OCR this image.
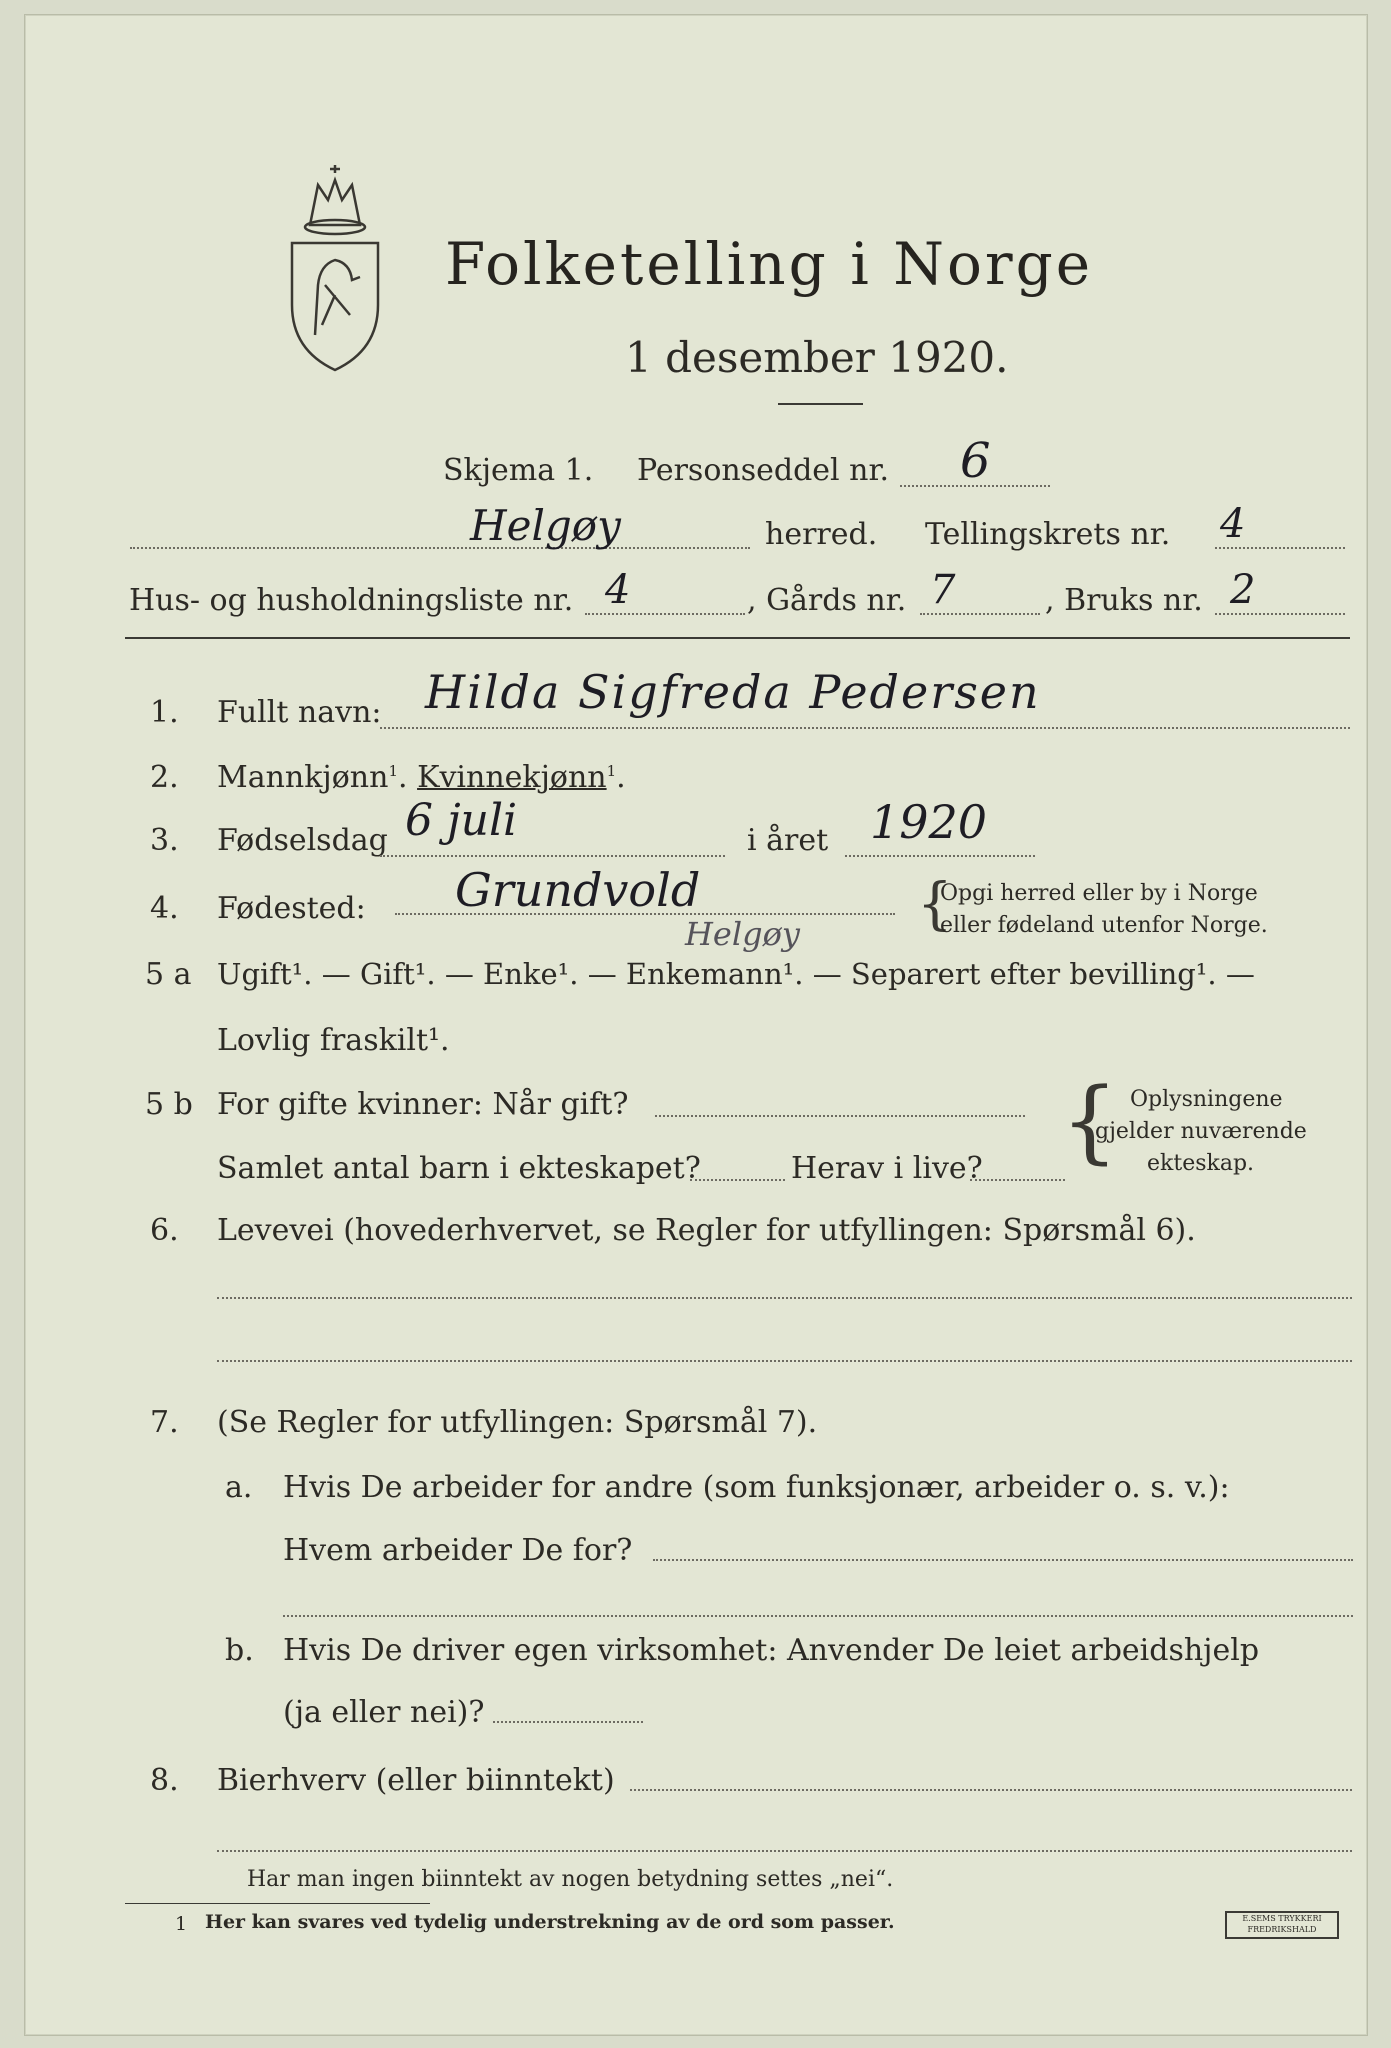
Folketelling i Norge
1 desember 1920.
Skjema 1. Personseddel nr. 6
Helgøy	herred. Tellingskrets nr. 4
Hus- og husholdningsliste nr. 4	, Gårds nr. 7	, Bruks nr. 2
1. Fullt navn: Hilda Sigfreda Pedersen
2. Mannkjønn$^1$. Kvinnekjønn$^1$.
3. Fødselsdag 6 juli	i året 1920
4. Fødested: Grundvold
Helgøy {
Opgi herred eller by i Norge
eller fødeland utenfor Norge.
5 a Ugift¹. — Gift¹. — Enke¹. — Enkemann¹. — Separert efter bevilling¹. —
Lovlig fraskilt¹.
5 b For gifte kvinner: Når gift?
Samlet antal barn i ekteskapet?	Herav i live? { Oplysningene
gjelder nuværende
ekteskap.
6. Levevei (hovederhvervet, se Regler for utfyllingen: Spørsmål 6).
7. (Se Regler for utfyllingen: Spørsmål 7).
a. Hvis De arbeider for andre (som funksjonær, arbeider o. s. v.):
Hvem arbeider De for?
b. Hvis De driver egen virksomhet: Anvender De leiet arbeidshjelp
(ja eller nei)?
8. Bierhverv (eller biinntekt)
Har man ingen biinntekt av nogen betydning settes „nei“.
1 Her kan svares ved tydelig understrekning av de ord som passer.	E.SEMS TRYKKERI FREDRIKSHALD
